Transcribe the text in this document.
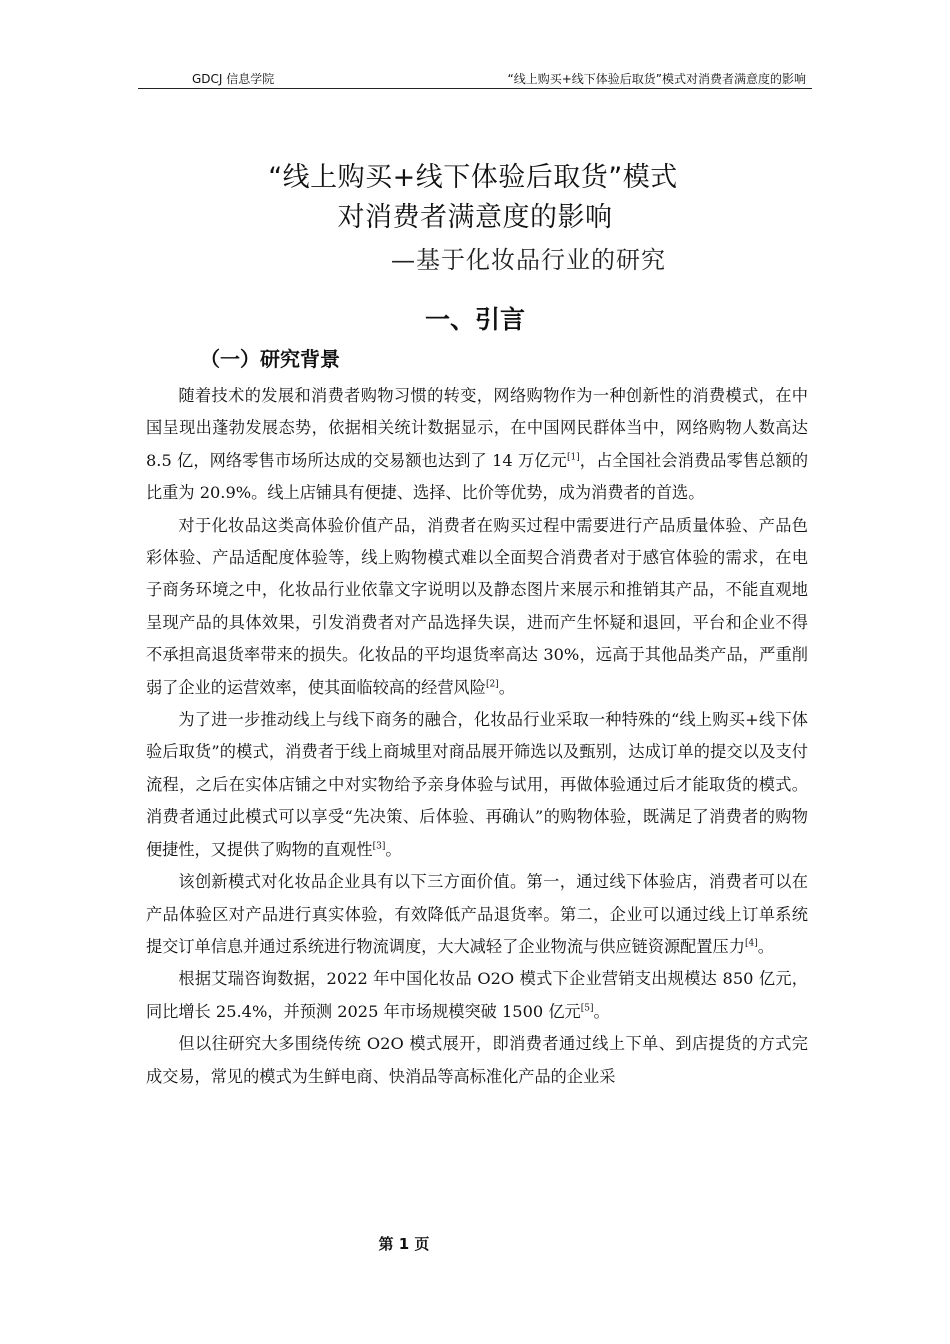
GDCJ 信息学院	“线上购买+线下体验后取货”模式对消费者满意度的影响
“线上购买+线下体验后取货”模式
对消费者满意度的影响
—基于化妆品行业的研究
一、引言
（一）研究背景

随着技术的发展和消费者购物习惯的转变，网络购物作为一种创新性的消费模式，在中国呈现出蓬勃发展态势，依据相关统计数据显示，在中国网民群体当中，网络购物人数高达 8.5 亿，网络零售市场所达成的交易额也达到了 14 万亿元[1]，占全国社会消费品零售总额的比重为 20.9%。线上店铺具有便捷、选择、比价等优势，成为消费者的首选。

对于化妆品这类高体验价值产品，消费者在购买过程中需要进行产品质量体验、产品色彩体验、产品适配度体验等，线上购物模式难以全面契合消费者对于感官体验的需求，在电子商务环境之中，化妆品行业依靠文字说明以及静态图片来展示和推销其产品，不能直观地呈现产品的具体效果，引发消费者对产品选择失误，进而产生怀疑和退回，平台和企业不得不承担高退货率带来的损失。化妆品的平均退货率高达 30%，远高于其他品类产品，严重削弱了企业的运营效率，使其面临较高的经营风险[2]。

为了进一步推动线上与线下商务的融合，化妆品行业采取一种特殊的“线上购买+线下体验后取货”的模式，消费者于线上商城里对商品展开筛选以及甄别，达成订单的提交以及支付流程，之后在实体店铺之中对实物给予亲身体验与试用，再做体验通过后才能取货的模式。消费者通过此模式可以享受“先决策、后体验、再确认”的购物体验，既满足了消费者的购物便捷性，又提供了购物的直观性[3]。

该创新模式对化妆品企业具有以下三方面价值。第一，通过线下体验店，消费者可以在产品体验区对产品进行真实体验，有效降低产品退货率。第二，企业可以通过线上订单系统提交订单信息并通过系统进行物流调度，大大减轻了企业物流与供应链资源配置压力[4]。

根据艾瑞咨询数据，2022 年中国化妆品 O2O 模式下企业营销支出规模达 850 亿元，同比增长 25.4%，并预测 2025 年市场规模突破 1500 亿元[5]。

但以往研究大多围绕传统 O2O 模式展开，即消费者通过线上下单、到店提货的方式完成交易，常见的模式为生鲜电商、快消品等高标准化产品的企业采

第 1 页
